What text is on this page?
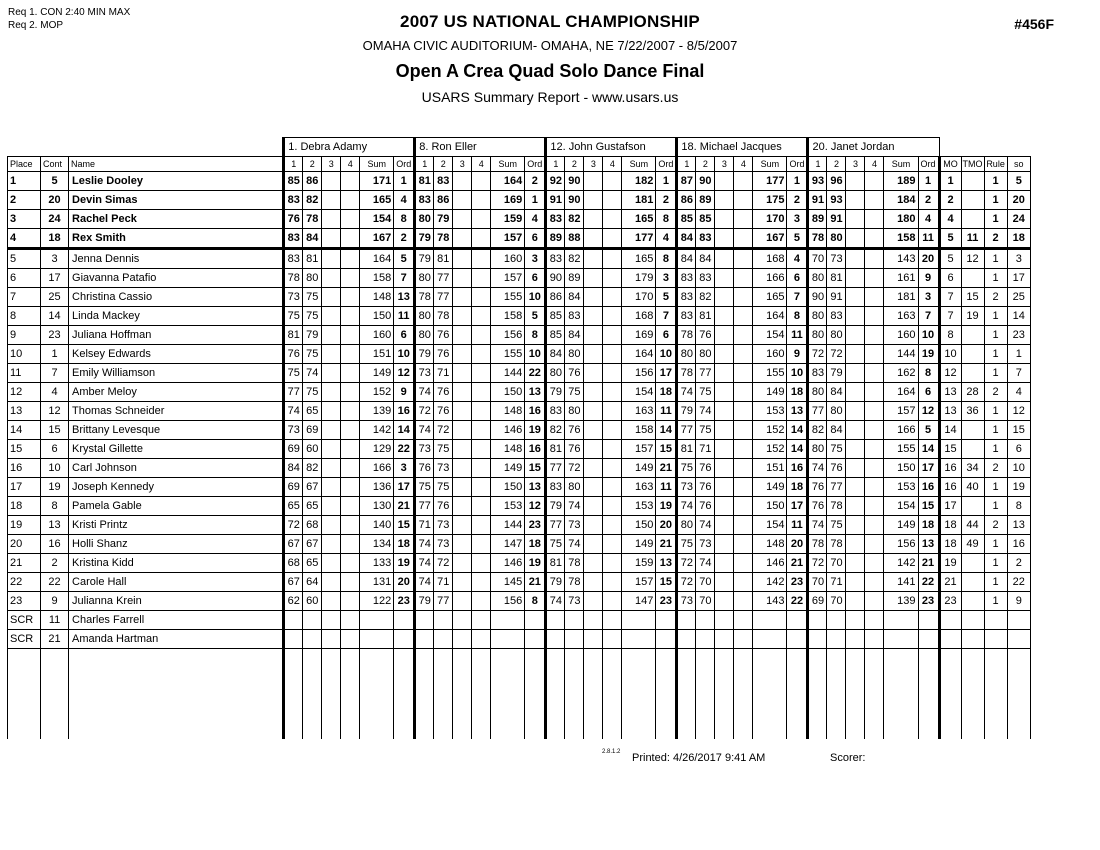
Req 1. CON 2:40 MIN MAX
Req 2. MOP	2007 US NATIONAL CHAMPIONSHIP
OMAHA CIVIC AUDITORIUM- OMAHA, NE 7/22/2007 - 8/5/2007
Open A Crea Quad Solo Dance Final
USARS Summary Report - www.usars.us
#456F
			1. Debra Adamy						8. Ron Eller						12. John Gustafson						18. Michael Jacques						20. Janet Jordan									
Place	Cont	Name	1	2	3	4	Sum	Ord	1	2	3	4	Sum	Ord	1	2	3	4	Sum	Ord	1	2	3	4	Sum	Ord	1	2	3	4	Sum	Ord	MO	TMO	Rule	so
1	5	Leslie Dooley	85	86			171	1	81	83			164	2	92	90			182	1	87	90			177	1	93	96			189	1	1		1	5
2	20	Devin Simas	83	82			165	4	83	86			169	1	91	90			181	2	86	89			175	2	91	93			184	2	2		1	20
3	24	Rachel Peck	76	78			154	8	80	79			159	4	83	82			165	8	85	85			170	3	89	91			180	4	4		1	24
4	18	Rex Smith	83	84			167	2	79	78			157	6	89	88			177	4	84	83			167	5	78	80			158	11	5	11	2	18
5	3	Jenna Dennis	83	81			164	5	79	81			160	3	83	82			165	8	84	84			168	4	70	73			143	20	5	12	1	3
6	17	Giavanna Patafio	78	80			158	7	80	77			157	6	90	89			179	3	83	83			166	6	80	81			161	9	6		1	17
7	25	Christina Cassio	73	75			148	13	78	77			155	10	86	84			170	5	83	82			165	7	90	91			181	3	7	15	2	25
8	14	Linda Mackey	75	75			150	11	80	78			158	5	85	83			168	7	83	81			164	8	80	83			163	7	7	19	1	14
9	23	Juliana Hoffman	81	79			160	6	80	76			156	8	85	84			169	6	78	76			154	11	80	80			160	10	8		1	23
10	1	Kelsey Edwards	76	75			151	10	79	76			155	10	84	80			164	10	80	80			160	9	72	72			144	19	10		1	1
11	7	Emily Williamson	75	74			149	12	73	71			144	22	80	76			156	17	78	77			155	10	83	79			162	8	12		1	7
12	4	Amber Meloy	77	75			152	9	74	76			150	13	79	75			154	18	74	75			149	18	80	84			164	6	13	28	2	4
13	12	Thomas Schneider	74	65			139	16	72	76			148	16	83	80			163	11	79	74			153	13	77	80			157	12	13	36	1	12
14	15	Brittany Levesque	73	69			142	14	74	72			146	19	82	76			158	14	77	75			152	14	82	84			166	5	14		1	15
15	6	Krystal Gillette	69	60			129	22	73	75			148	16	81	76			157	15	81	71			152	14	80	75			155	14	15		1	6
16	10	Carl Johnson	84	82			166	3	76	73			149	15	77	72			149	21	75	76			151	16	74	76			150	17	16	34	2	10
17	19	Joseph Kennedy	69	67			136	17	75	75			150	13	83	80			163	11	73	76			149	18	76	77			153	16	16	40	1	19
18	8	Pamela Gable	65	65			130	21	77	76			153	12	79	74			153	19	74	76			150	17	76	78			154	15	17		1	8
19	13	Kristi Printz	72	68			140	15	71	73			144	23	77	73			150	20	80	74			154	11	74	75			149	18	18	44	2	13
20	16	Holli Shanz	67	67			134	18	74	73			147	18	75	74			149	21	75	73			148	20	78	78			156	13	18	49	1	16
21	2	Kristina Kidd	68	65			133	19	74	72			146	19	81	78			159	13	72	74			146	21	72	70			142	21	19		1	2
22	22	Carole Hall	67	64			131	20	74	71			145	21	79	78			157	15	72	70			142	23	70	71			141	22	21		1	22
23	9	Julianna Krein	62	60			122	23	79	77			156	8	74	73			147	23	73	70			143	22	69	70			139	23	23		1	9
SCR	11	Charles Farrell																																		
SCR	21	Amanda Hartman																																		

2.8.1.2 Printed: 4/26/2017 9:41 AM	Scorer:
